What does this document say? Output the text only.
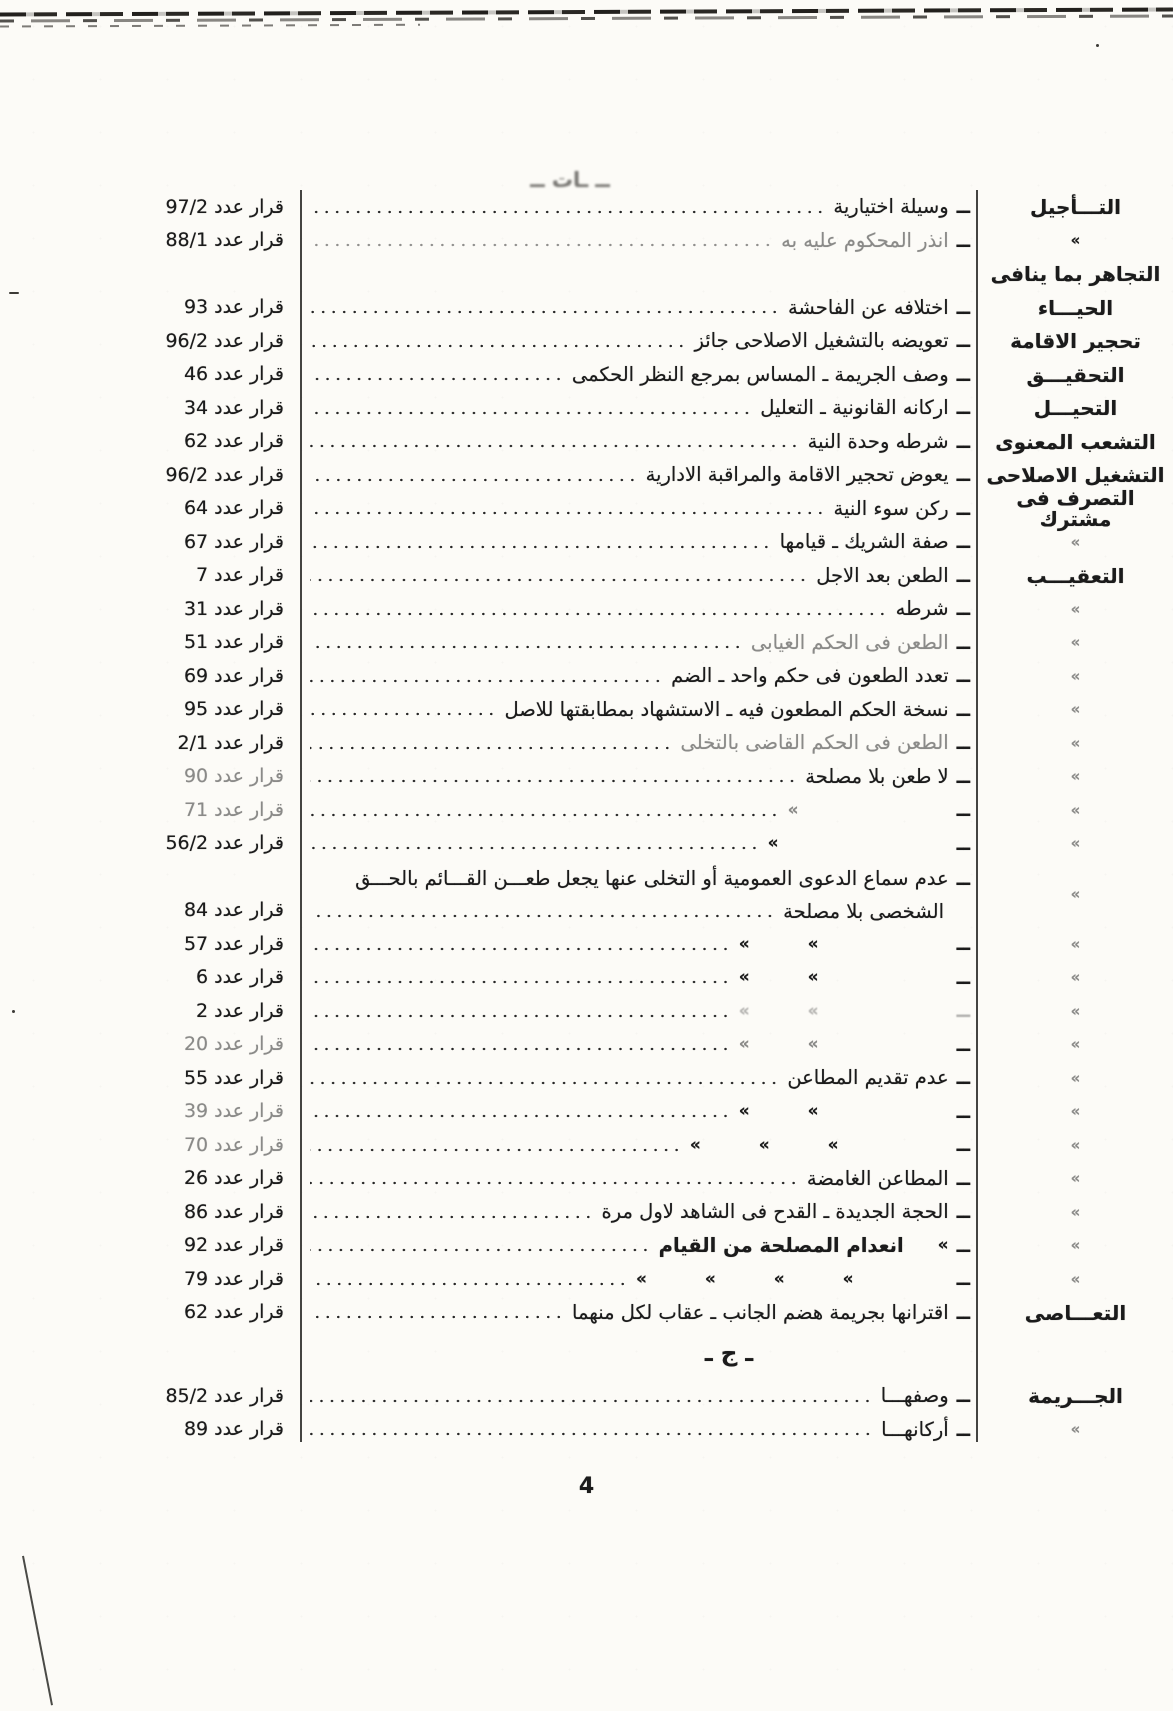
ــ ـات ــ
التـــأجيل
ــ
وسيلة اختيارية
قرار عدد 97/2
»
ــ
انذر المحكوم عليه به
قرار عدد 88/1
التجاهر بما ينافى
الحيـــاء
ــ
اختلافه عن الفاحشة
قرار عدد 93
تحجير الاقامة
ــ
تعويضه بالتشغيل الاصلاحى جائز
قرار عدد 96/2
التحقيـــق
ــ
وصف الجريمة ـ المساس بمرجع النظر الحكمى
قرار عدد 46
التحيـــل
ــ
اركانه القانونية ـ التعليل
قرار عدد 34
التشعب المعنوى
ــ
شرطه وحدة النية
قرار عدد 62
التشغيل الاصلاحى
ــ
يعوض تحجير الاقامة والمراقبة الادارية
قرار عدد 96/2
التصرف فى مشترك
ــ
ركن سوء النية
قرار عدد 64
»
ــ
صفة الشريك ـ قيامها
قرار عدد 67
التعقيـــب
ــ
الطعن بعد الاجل
قرار عدد 7
»
ــ
شرطه
قرار عدد 31
»
ــ
الطعن فى الحكم الغيابى
قرار عدد 51
»
ــ
تعدد الطعون فى حكم واحد ـ الضم
قرار عدد 69
»
ــ
نسخة الحكم المطعون فيه ـ الاستشهاد بمطابقتها للاصل
قرار عدد 95
»
ــ
الطعن فى الحكم القاضى بالتخلى
قرار عدد 2/1
»
ــ
لا طعن بلا مصلحة
قرار عدد 90
»
ــ
»
قرار عدد 71
»
ــ
»
قرار عدد 56/2
»
ــ
عدم سماع الدعوى العمومية أو التخلى عنها يجعل طعـــن القـــائم بالحـــق
الشخصى بلا مصلحة
قرار عدد 84
»
ــ
» »
قرار عدد 57
»
ــ
» »
قرار عدد 6
»
ــ
» »
قرار عدد 2
»
ــ
» »
قرار عدد 20
»
ــ
عدم تقديم المطاعن
قرار عدد 55
»
ــ
» »
قرار عدد 39
»
ــ
» » »
قرار عدد 70
»
ــ
المطاعن الغامضة
قرار عدد 26
»
ــ
الحجة الجديدة ـ القدح فى الشاهد لاول مرة
قرار عدد 86
»
ــ
»
انعدام المصلحة من القيام
قرار عدد 92
»
ــ
» » » »
قرار عدد 79
التعـــاصى
ــ
اقترانها بجريمة هضم الجانب ـ عقاب لكل منهما
قرار عدد 62
ـ ج ـ
الجـــريمة
ــ
وصفهـــا
قرار عدد 85/2
»
ــ
أركانهـــا
قرار عدد 89
4
